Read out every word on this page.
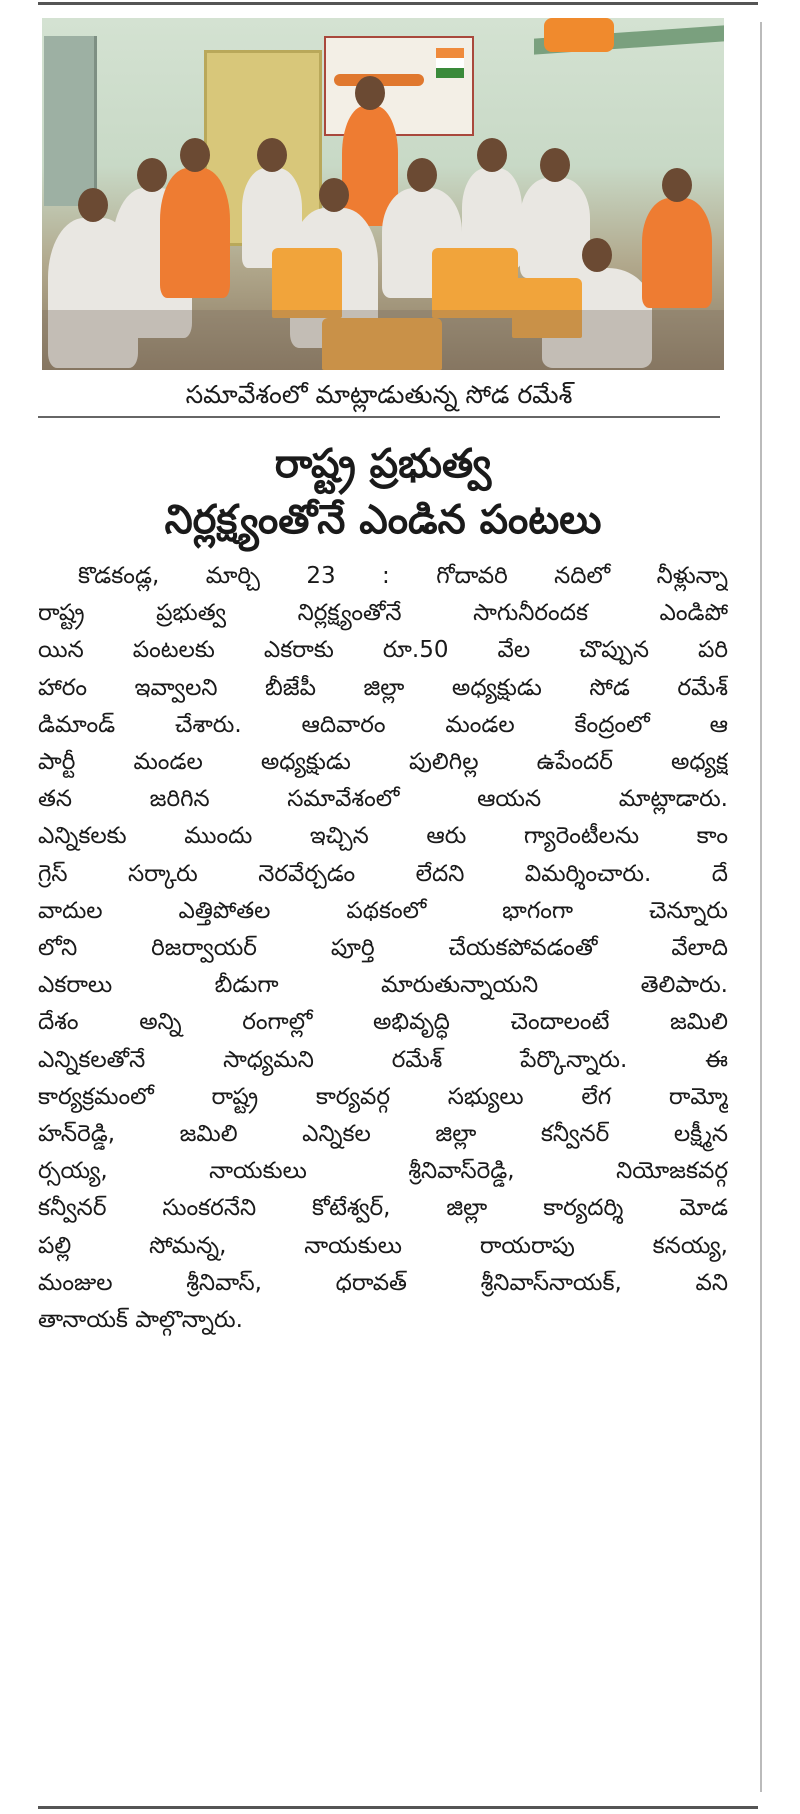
సమావేశంలో మాట్లాడుతున్న సోడ రమేశ్
రాష్ట్ర ప్రభుత్వ
నిర్లక్ష్యంతోనే ఎండిన పంటలు
కొడకండ్ల, మార్చి 23 : గోదావరి నదిలో నీళ్లున్నా
రాష్ట్ర ప్రభుత్వ నిర్లక్ష్యంతోనే సాగునీరందక ఎండిపో
యిన పంటలకు ఎకరాకు రూ.50 వేల చొప్పున పరి
హారం ఇవ్వాలని బీజేపీ జిల్లా అధ్యక్షుడు సోడ రమేశ్
డిమాండ్ చేశారు. ఆదివారం మండల కేంద్రంలో ఆ
పార్టీ మండల అధ్యక్షుడు పులిగిల్ల ఉపేందర్ అధ్యక్ష
తన జరిగిన సమావేశంలో ఆయన మాట్లాడారు.
ఎన్నికలకు ముందు ఇచ్చిన ఆరు గ్యారెంటీలను కాం
గ్రెస్ సర్కారు నెరవేర్చడం లేదని విమర్శించారు. దే
వాదుల ఎత్తిపోతల పథకంలో భాగంగా చెన్నూరు
లోని రిజర్వాయర్ పూర్తి చేయకపోవడంతో వేలాది
ఎకరాలు బీడుగా మారుతున్నాయని తెలిపారు.
దేశం అన్ని రంగాల్లో అభివృద్ధి చెందాలంటే జమిలి
ఎన్నికలతోనే సాధ్యమని రమేశ్ పేర్కొన్నారు. ఈ
కార్యక్రమంలో రాష్ట్ర కార్యవర్గ సభ్యులు లేగ రామ్మో
హన్‌రెడ్డి, జమిలి ఎన్నికల జిల్లా కన్వీనర్ లక్ష్మీన
ర్సయ్య, నాయకులు శ్రీనివాస్‌రెడ్డి, నియోజకవర్గ
కన్వీనర్ సుంకరనేని కోటేశ్వర్, జిల్లా కార్యదర్శి మోడ
పల్లి సోమన్న, నాయకులు రాయరాపు కనయ్య,
మంజుల శ్రీనివాస్, ధరావత్ శ్రీనివాస్‌నాయక్, వని
తానాయక్ పాల్గొన్నారు.
